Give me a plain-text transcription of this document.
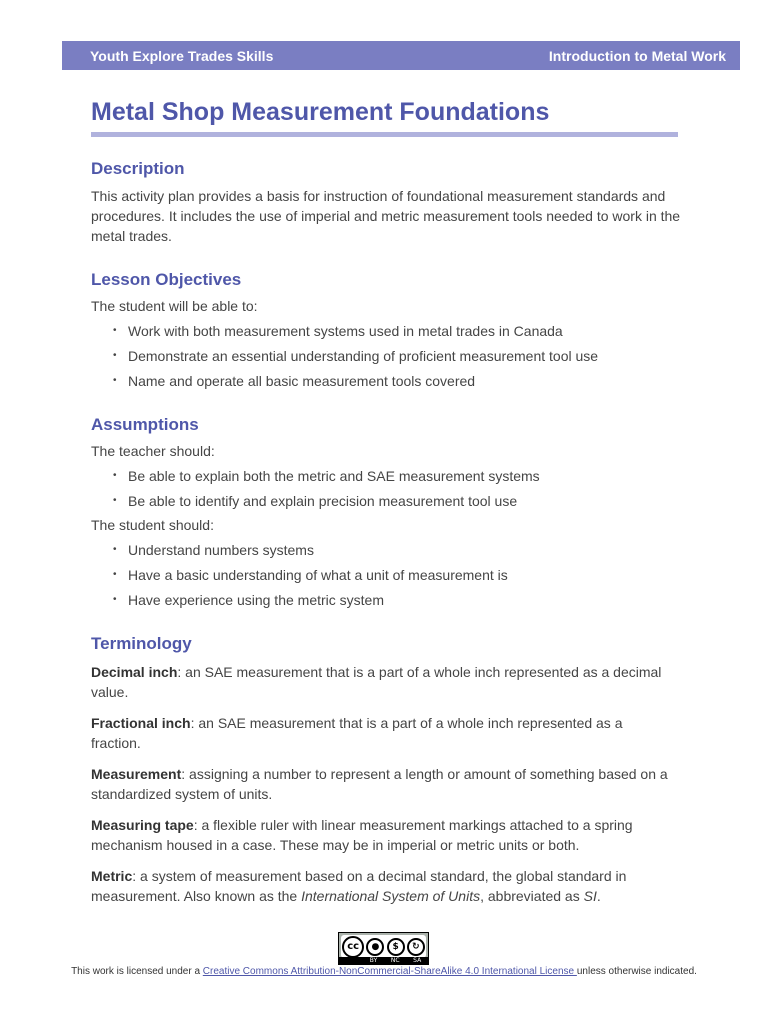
Youth Explore Trades Skills	Introduction to Metal Work
Metal Shop Measurement Foundations
Description

This activity plan provides a basis for instruction of foundational measurement standards and procedures. It includes the use of imperial and metric measurement tools needed to work in the metal trades.

Lesson Objectives

The student will be able to:

• Work with both measurement systems used in metal trades in Canada
• Demonstrate an essential understanding of proficient measurement tool use
• Name and operate all basic measurement tools covered
Assumptions

The teacher should:

• Be able to explain both the metric and SAE measurement systems
• Be able to identify and explain precision measurement tool use

The student should:

• Understand numbers systems
• Have a basic understanding of what a unit of measurement is
• Have experience using the metric system
Terminology

Decimal inch: an SAE measurement that is a part of a whole inch represented as a decimal value.

Fractional inch: an SAE measurement that is a part of a whole inch represented as a fraction.

Measurement: assigning a number to represent a length or amount of something based on a standardized system of units.

Measuring tape: a flexible ruler with linear measurement markings attached to a spring mechanism housed in a case. These may be in imperial or metric units or both.

Metric: a system of measurement based on a decimal standard, the global standard in measurement. Also known as the International System of Units, abbreviated as SI.

cc	●	$	↻
BY NC SA
This work is licensed under a Creative Commons Attribution-NonCommercial-ShareAlike 4.0 International License unless otherwise indicated.
